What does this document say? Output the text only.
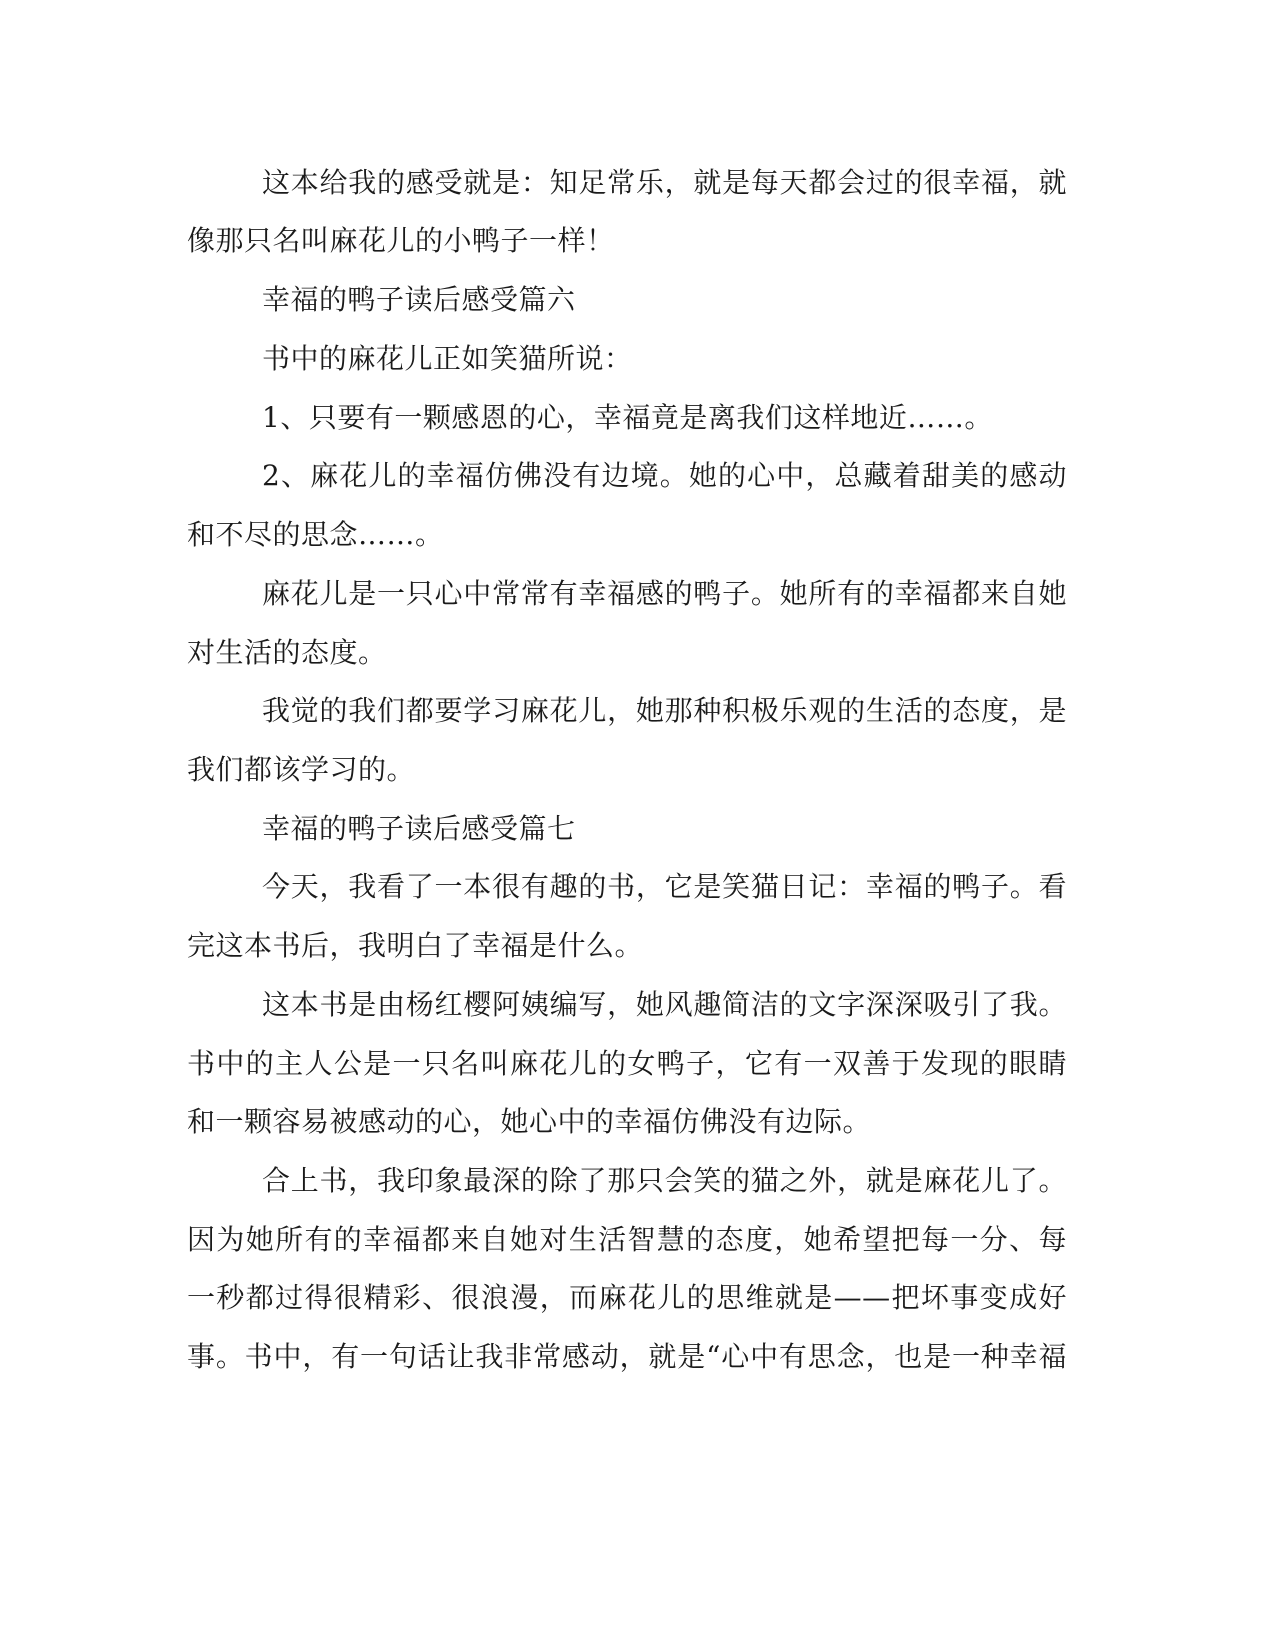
这本给我的感受就是：知足常乐，就是每天都会过的很幸福，就
像那只名叫麻花儿的小鸭子一样！
幸福的鸭子读后感受篇六
书中的麻花儿正如笑猫所说：
1、只要有一颗感恩的心，幸福竟是离我们这样地近……。
2、麻花儿的幸福仿佛没有边境。她的心中，总藏着甜美的感动
和不尽的思念……。
麻花儿是一只心中常常有幸福感的鸭子。她所有的幸福都来自她
对生活的态度。
我觉的我们都要学习麻花儿，她那种积极乐观的生活的态度，是
我们都该学习的。
幸福的鸭子读后感受篇七
今天，我看了一本很有趣的书，它是笑猫日记：幸福的鸭子。看
完这本书后，我明白了幸福是什么。
这本书是由杨红樱阿姨编写，她风趣简洁的文字深深吸引了我。
书中的主人公是一只名叫麻花儿的女鸭子，它有一双善于发现的眼睛
和一颗容易被感动的心，她心中的幸福仿佛没有边际。
合上书，我印象最深的除了那只会笑的猫之外，就是麻花儿了。
因为她所有的幸福都来自她对生活智慧的态度，她希望把每一分、每
一秒都过得很精彩、很浪漫，而麻花儿的思维就是——把坏事变成好
事。书中，有一句话让我非常感动，就是“心中有思念，也是一种幸福
